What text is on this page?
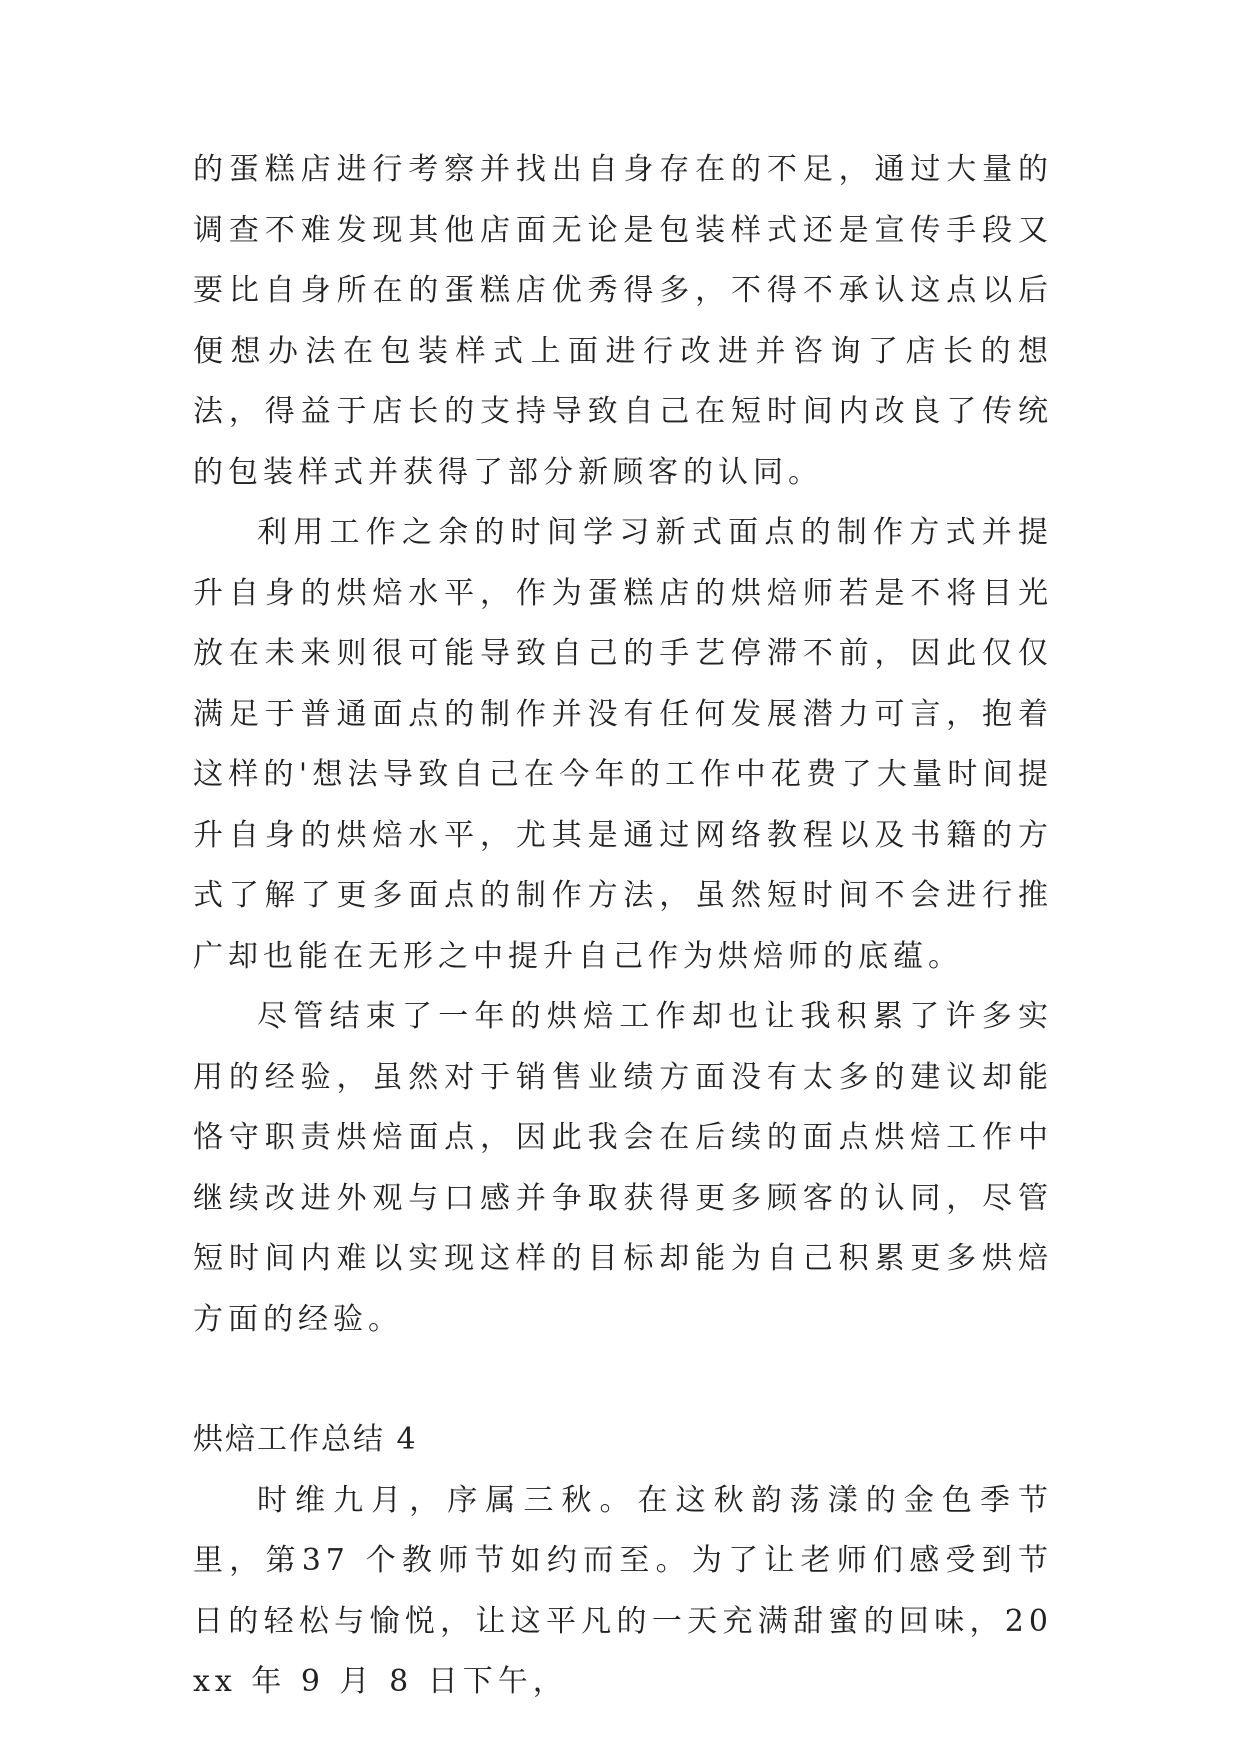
的蛋糕店进行考察并找出自身存在的不足，通过大量的调查不难发现其他店面无论是包装样式还是宣传手段又要比自身所在的蛋糕店优秀得多，不得不承认这点以后便想办法在包装样式上面进行改进并咨询了店长的想法，得益于店长的支持导致自己在短时间内改良了传统的包装样式并获得了部分新顾客的认同。

利用工作之余的时间学习新式面点的制作方式并提升自身的烘焙水平，作为蛋糕店的烘焙师若是不将目光放在未来则很可能导致自己的手艺停滞不前，因此仅仅满足于普通面点的制作并没有任何发展潜力可言，抱着这样的'想法导致自己在今年的工作中花费了大量时间提升自身的烘焙水平，尤其是通过网络教程以及书籍的方式了解了更多面点的制作方法，虽然短时间不会进行推广却也能在无形之中提升自己作为烘焙师的底蕴。

尽管结束了一年的烘焙工作却也让我积累了许多实用的经验，虽然对于销售业绩方面没有太多的建议却能恪守职责烘焙面点，因此我会在后续的面点烘焙工作中继续改进外观与口感并争取获得更多顾客的认同，尽管短时间内难以实现这样的目标却能为自己积累更多烘焙方面的经验。

烘焙工作总结 4

时维九月，序属三秋。在这秋韵荡漾的金色季节里，第37 个教师节如约而至。为了让老师们感受到节日的轻松与愉悦，让这平凡的一天充满甜蜜的回味，20xx 年 9 月 8 日下午，
